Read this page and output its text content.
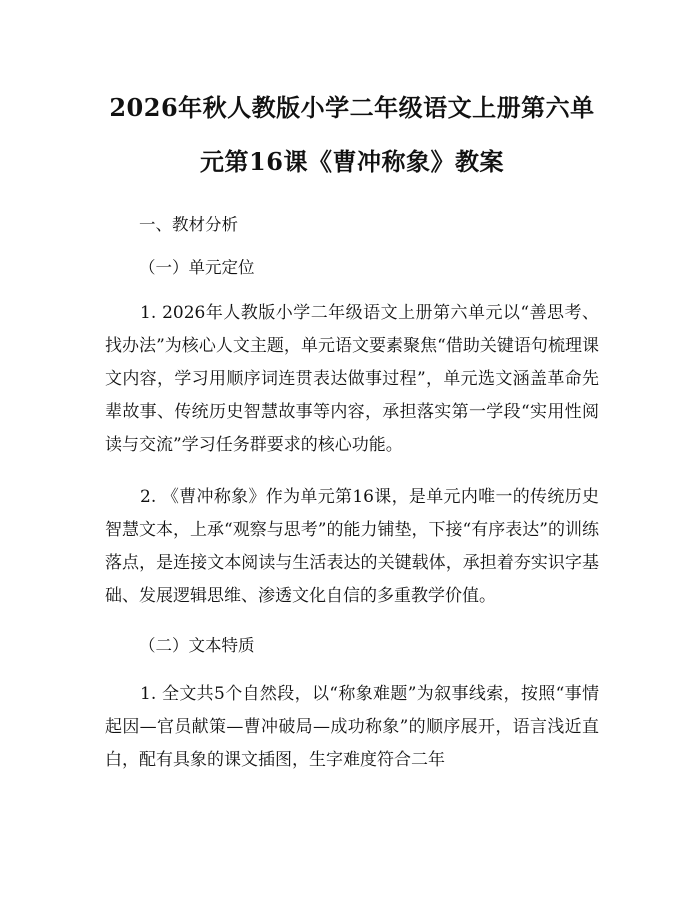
2026年秋人教版小学二年级语文上册第六单
元第16课《曹冲称象》教案

一、教材分析

（一）单元定位

1. 2026年人教版小学二年级语文上册第六单元以“善思考、找办法”为核心人文主题，单元语文要素聚焦“借助关键语句梳理课文内容，学习用顺序词连贯表达做事过程”，单元选文涵盖革命先辈故事、传统历史智慧故事等内容，承担落实第一学段“实用性阅读与交流”学习任务群要求的核心功能。

2. 《曹冲称象》作为单元第16课，是单元内唯一的传统历史智慧文本，上承“观察与思考”的能力铺垫，下接“有序表达”的训练落点，是连接文本阅读与生活表达的关键载体，承担着夯实识字基础、发展逻辑思维、渗透文化自信的多重教学价值。

（二）文本特质

1. 全文共5个自然段，以“称象难题”为叙事线索，按照“事情起因—官员献策—曹冲破局—成功称象”的顺序展开，语言浅近直白，配有具象的课文插图，生字难度符合二年
